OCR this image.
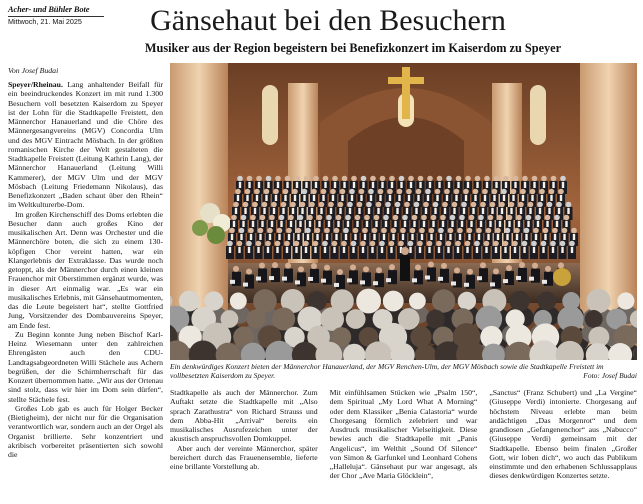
Acher- und Bühler Bote
Mittwoch, 21. Mai 2025	Gänsehaut bei den Besuchern
Musiker aus der Region begeistern bei Benefizkonzert im Kaiserdom zu Speyer
Von Josef Budai

Speyer/Rheinau. Lang anhaltender Beifall für ein beeindruckendes Konzert im mit rund 1.300 Besuchern voll besetzten Kaiserdom zu Speyer ist der Lohn für die Stadtkapelle Freistett, den Männerchor Hanauerland und die Chöre des Männergesangvereins (MGV) Concordia Ulm und des MGV Eintracht Mösbach. In der größten romanischen Kirche der Welt gestalteten die Stadtkapelle Freistett (Leitung Kathrin Lang), der Männerchor Hanauerland (Leitung Willi Kammerer), der MGV Ulm und der MGV Mösbach (Leitung Friedemann Nikolaus), das Benefizkonzert „Baden schaut über den Rhein“ im Weltkulturerbe-Dom.

Im großen Kirchenschiff des Doms erlebten die Besucher dann auch großes Kino der musikalischen Art. Denn was Orchester und die Männerchöre boten, die sich zu einem 130-köpfigen Chor vereint hatten, war ein Klangerlebnis der Extraklasse. Das wurde noch getoppt, als der Männerchor durch einen kleinen Frauenchor mit Oberstimmen ergänzt wurde, was in dieser Art einmalig war. „Es war ein musikalisches Erlebnis, mit Gänsehautmomenten, das die Leute begeistert hat“, stellte Gottfried Jung, Vorsitzender des Dombauvereins Speyer, am Ende fest.

Zu Beginn konnte Jung neben Bischof Karl-Heinz Wiesemann unter den zahlreichen Ehrengästen auch den CDU-Landtagsabgeordneten Willi Stächele aus Achern begrüßen, der die Schirmherrschaft für das Konzert übernommen hatte. „Wir aus der Ortenau sind stolz, dass wir hier im Dom sein dürfen“, stellte Stächele fest.

Großes Lob gab es auch für Holger Becker (Bietigheim), der nicht nur für die Organisation verantwortlich war, sondern auch an der Orgel als Organist brillierte. Sehr konzentriert und akribisch vorbereitet präsentierten sich sowohl die

Ein denkwürdiges Konzert bieten der Männerchor Hanauerland, der MGV Renchen-Ulm, der MGV Mösbach sowie die Stadtkapelle Freistett im vollbesetzten Kaiserdom zu Speyer.	Foto: Josef Budai

Stadtkapelle als auch der Männerchor. Zum Auftakt setzte die Stadtkapelle mit „Also sprach Zarathustra“ von Richard Strauss und dem Abba-Hit „Arrival“ bereits ein musikalisches Ausrufezeichen unter der akustisch anspruchsvollen Domkuppel.

Aber auch der vereinte Männerchor, später bereichert durch das Frauenensemble, lieferte eine brillante Vorstellung ab.

Mit einfühlsamen Stücken wie „Psalm 150“, dem Spiritual „My Lord What A Morning“ oder dem Klassiker „Benia Calastoria“ wurde Chorgesang förmlich zelebriert und war Ausdruck musikalischer Vielseitigkeit. Diese bewies auch die Stadtkapelle mit „Panis Angelicus“, im Welthit „Sound Of Silence“ von Simon & Garfunkel und Leonhard Cohens „Halleluja“. Gänsehaut pur war angesagt, als der Chor „Ave Maria Glöcklein“,

„Sanctus“ (Franz Schubert) und „La Vergine“ (Giuseppe Verdi) intonierte. Chorgesang auf höchstem Niveau erlebte man beim andächtigen „Das Morgenrot“ und dem grandiosen „Gefangenenchor“ aus „Nabucco“ (Giuseppe Verdi) gemeinsam mit der Stadtkapelle. Ebenso beim finalen „Großer Gott, wir loben dich“, wo auch das Publikum einstimmte und den erhabenen Schlussapplaus dieses denkwürdigen Konzertes setzte.
